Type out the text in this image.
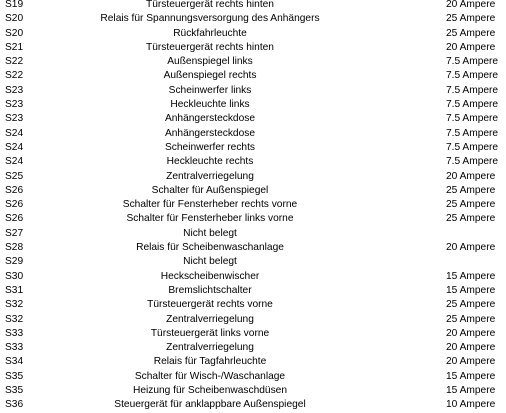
S19	Türsteuergerät rechts hinten	20 Ampere
S20	Relais für Spannungsversorgung des Anhängers	25 Ampere
S20	Rückfahrleuchte	25 Ampere
S21	Türsteuergerät rechts hinten	20 Ampere
S22	Außenspiegel links	7.5 Ampere
S22	Außenspiegel rechts	7.5 Ampere
S23	Scheinwerfer links	7.5 Ampere
S23	Heckleuchte links	7.5 Ampere
S23	Anhängersteckdose	7.5 Ampere
S24	Anhängersteckdose	7.5 Ampere
S24	Scheinwerfer rechts	7.5 Ampere
S24	Heckleuchte rechts	7.5 Ampere
S25	Zentralverriegelung	20 Ampere
S26	Schalter für Außenspiegel	25 Ampere
S26	Schalter für Fensterheber rechts vorne	25 Ampere
S26	Schalter für Fensterheber links vorne	25 Ampere
S27	Nicht belegt
S28	Relais für Scheibenwaschanlage	20 Ampere
S29	Nicht belegt
S30	Heckscheibenwischer	15 Ampere
S31	Bremslichtschalter	15 Ampere
S32	Türsteuergerät rechts vorne	25 Ampere
S32	Zentralverriegelung	25 Ampere
S33	Türsteuergerät links vorne	20 Ampere
S33	Zentralverriegelung	20 Ampere
S34	Relais für Tagfahrleuchte	20 Ampere
S35	Schalter für Wisch-/Waschanlage	15 Ampere
S35	Heizung für Scheibenwaschdüsen	15 Ampere
S36	Steuergerät für anklappbare Außenspiegel	10 Ampere
